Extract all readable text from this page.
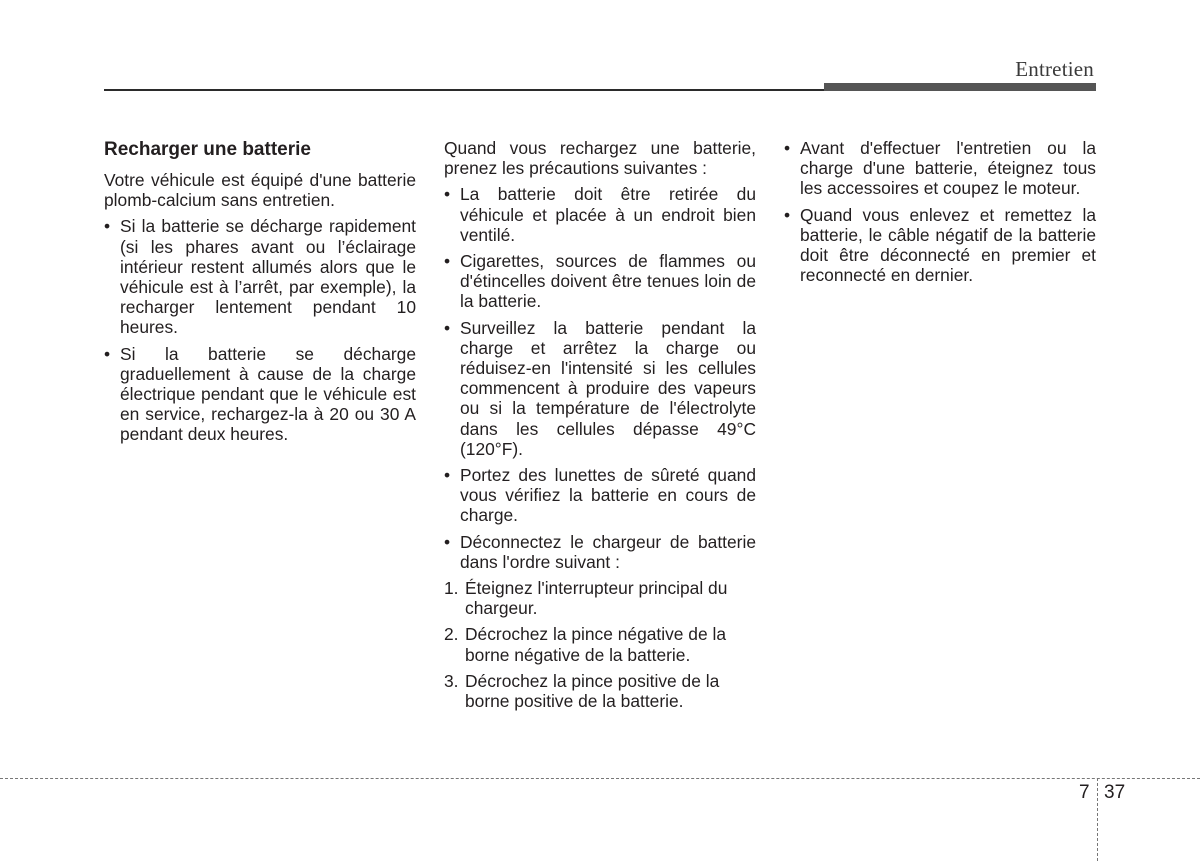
Entretien
Recharger une batterie
Votre véhicule est équipé d'une batterie plomb-calcium sans entretien.
• Si la batterie se décharge rapidement (si les phares avant ou l’éclairage intérieur restent allumés alors que le véhicule est à l’arrêt, par exemple), la recharger lentement pendant 10 heures.
• Si la batterie se décharge graduellement à cause de la charge électrique pendant que le véhicule est en service, rechargez-la à 20 ou 30 A pendant deux heures.
Quand vous rechargez une batterie, prenez les précautions suivantes :
• La batterie doit être retirée du véhicule et placée à un endroit bien ventilé.
• Cigarettes, sources de flammes ou d'étincelles doivent être tenues loin de la batterie.
• Surveillez la batterie pendant la charge et arrêtez la charge ou réduisez-en l'intensité si les cellules commencent à produire des vapeurs ou si la température de l'électrolyte dans les cellules dépasse 49°C (120°F).
• Portez des lunettes de sûreté quand vous vérifiez la batterie en cours de charge.
• Déconnectez le chargeur de batterie dans l'ordre suivant :
1. Éteignez l'interrupteur principal du chargeur.
2. Décrochez la pince négative de la borne négative de la batterie.
3. Décrochez la pince positive de la borne positive de la batterie.
• Avant d'effectuer l'entretien ou la charge d'une batterie, éteignez tous les accessoires et coupez le moteur.
• Quand vous enlevez et remettez la batterie, le câble négatif de la batterie doit être déconnecté en premier et reconnecté en dernier.
7 37
